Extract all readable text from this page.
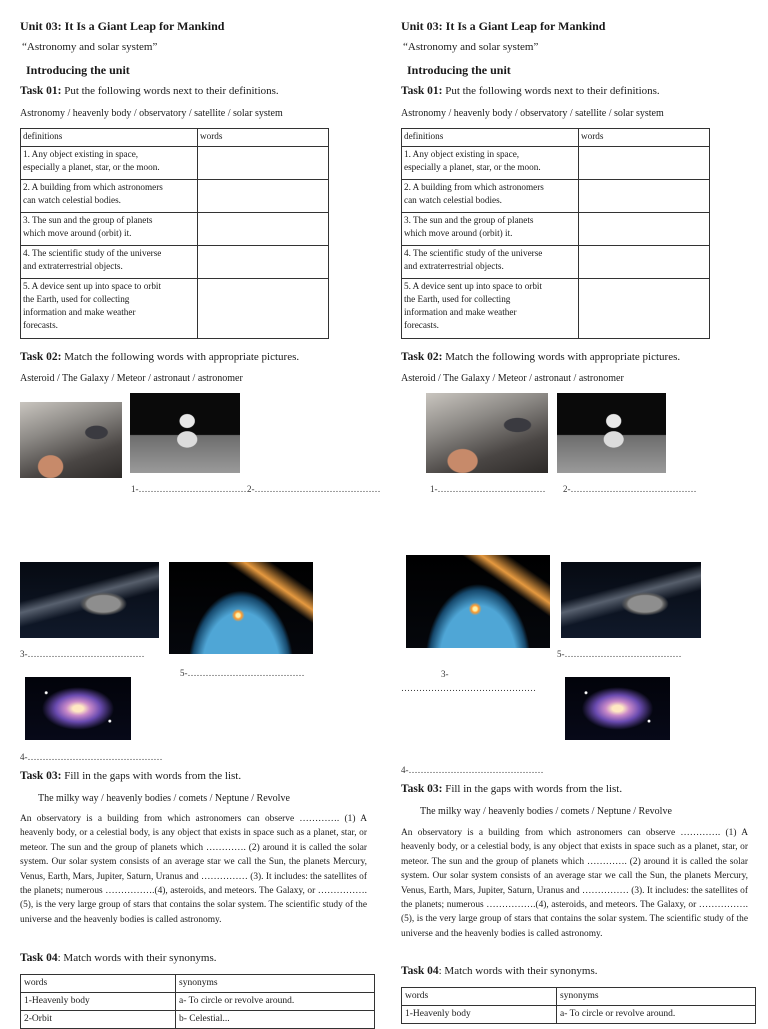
Unit 03: It Is a Giant Leap for Mankind
“Astronomy and solar system”
Introducing the unit
Task 01: Put the following words next to their definitions.
Astronomy / heavenly body / observatory / satellite / solar system
definitions	words
1. Any object existing in space,
especially a planet, star, or the moon.	
2. A building from which astronomers
can watch celestial bodies.	
3. The sun and the group of planets
which move around (orbit) it.	
4. The scientific study of the universe
and extraterrestrial objects.	
5. A device sent up into space to orbit
the Earth, used for collecting
information and make weather
forecasts.	
Task 02: Match the following words with appropriate pictures.
Asteroid / The Galaxy / Meteor / astronaut / astronomer
1-……………………………… 2-……………………………………
3-…………………………………
5-…………………………………
4-………………………………………
Task 03: Fill in the gaps with words from the list.
The milky way / heavenly bodies / comets / Neptune / Revolve
An observatory is a building from which astronomers can observe …………. (1) A heavenly body, or a celestial body, is any object that exists in space such as a planet, star, or meteor. The sun and the group of planets which …………. (2) around it is called the solar system. Our solar system consists of an average star we call the Sun, the planets Mercury, Venus, Earth, Mars, Jupiter, Saturn, Uranus and …………… (3). It includes: the satellites of the planets; numerous …………….(4), asteroids, and meteors. The Galaxy, or ……………. (5), is the very large group of stars that contains the solar system. The scientific study of the universe and the heavenly bodies is called astronomy.
Task 04: Match words with their synonyms.
words	synonyms
1-Heavenly body	a- To circle or revolve around.
2-Orbit	b- Celestial...
Unit 03: It Is a Giant Leap for Mankind
“Astronomy and solar system”
Introducing the unit
Task 01: Put the following words next to their definitions.
Astronomy / heavenly body / observatory / satellite / solar system
definitions	words
1. Any object existing in space,
especially a planet, star, or the moon.	
2. A building from which astronomers
can watch celestial bodies.	
3. The sun and the group of planets
which move around (orbit) it.	
4. The scientific study of the universe
and extraterrestrial objects.	
5. A device sent up into space to orbit
the Earth, used for collecting
information and make weather
forecasts.	
Task 02: Match the following words with appropriate pictures.
Asteroid / The Galaxy / Meteor / astronaut / astronomer
1-……………………………… 2-……………………………………
5-…………………………………
3-
………………………………………
4-………………………………………
Task 03: Fill in the gaps with words from the list.
The milky way / heavenly bodies / comets / Neptune / Revolve
An observatory is a building from which astronomers can observe …………. (1) A heavenly body, or a celestial body, is any object that exists in space such as a planet, star, or meteor. The sun and the group of planets which …………. (2) around it is called the solar system. Our solar system consists of an average star we call the Sun, the planets Mercury, Venus, Earth, Mars, Jupiter, Saturn, Uranus and …………… (3). It includes: the satellites of the planets; numerous …………….(4), asteroids, and meteors. The Galaxy, or ……………. (5), is the very large group of stars that contains the solar system. The scientific study of the universe and the heavenly bodies is called astronomy.
Task 04: Match words with their synonyms.
words	synonyms
1-Heavenly body	a- To circle or revolve around.
